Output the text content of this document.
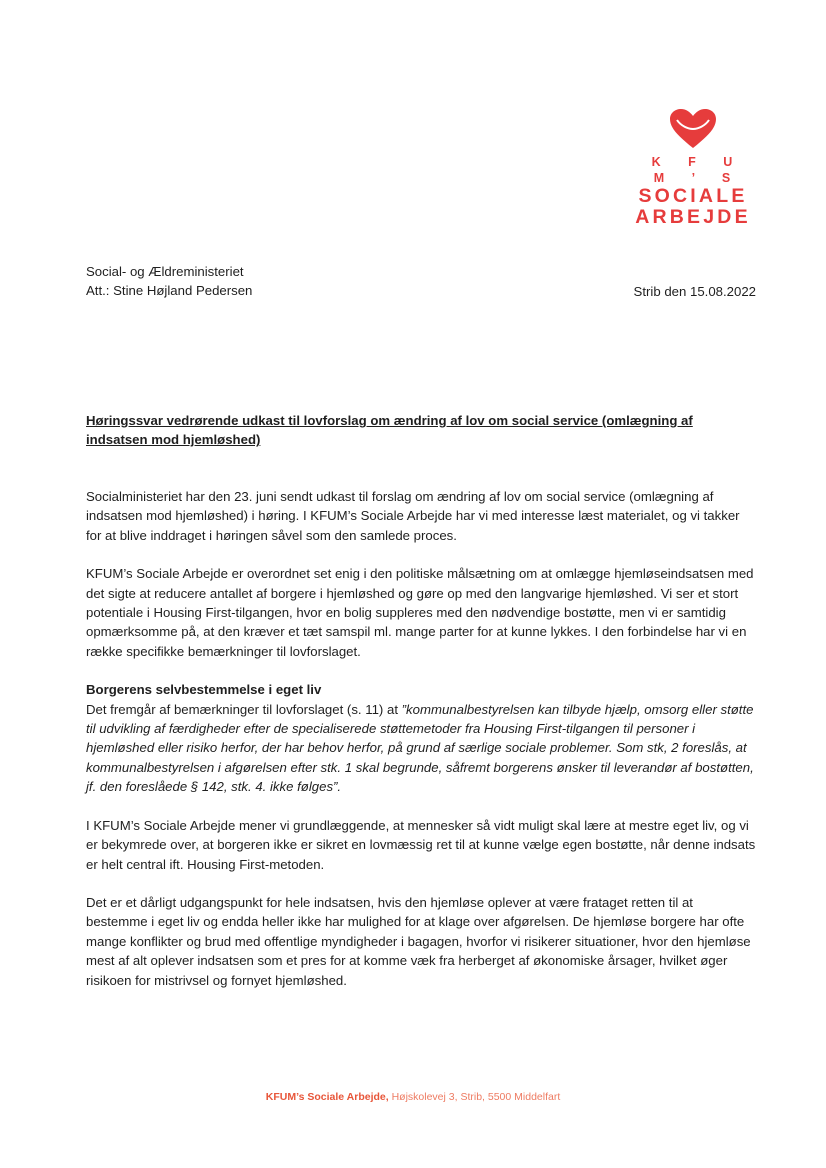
K F U M ’ S
SOCIALE
ARBEJDE
Social- og Ældreministeriet
Att.: Stine Højland Pedersen	Strib den 15.08.2022
Høringssvar vedrørende udkast til lovforslag om ændring af lov om social service (omlægning af indsatsen mod hjemløshed)

Socialministeriet har den 23. juni sendt udkast til forslag om ændring af lov om social service (omlægning af indsatsen mod hjemløshed) i høring. I KFUM’s Sociale Arbejde har vi med interesse læst materialet, og vi takker for at blive inddraget i høringen såvel som den samlede proces.

KFUM’s Sociale Arbejde er overordnet set enig i den politiske målsætning om at omlægge hjemløseindsatsen med det sigte at reducere antallet af borgere i hjemløshed og gøre op med den langvarige hjemløshed. Vi ser et stort potentiale i Housing First-tilgangen, hvor en bolig suppleres med den nødvendige bostøtte, men vi er samtidig opmærksomme på, at den kræver et tæt samspil ml. mange parter for at kunne lykkes. I den forbindelse har vi en række specifikke bemærkninger til lovforslaget.

Borgerens selvbestemmelse i eget liv

Det fremgår af bemærkninger til lovforslaget (s. 11) at ”kommunalbestyrelsen kan tilbyde hjælp, omsorg eller støtte til udvikling af færdigheder efter de specialiserede støttemetoder fra Housing First-tilgangen til personer i hjemløshed eller risiko herfor, der har behov herfor, på grund af særlige sociale problemer. Som stk, 2 foreslås, at kommunalbestyrelsen i afgørelsen efter stk. 1 skal begrunde, såfremt borgerens ønsker til leverandør af bostøtten, jf. den foreslåede § 142, stk. 4. ikke følges”.

I KFUM’s Sociale Arbejde mener vi grundlæggende, at mennesker så vidt muligt skal lære at mestre eget liv, og vi er bekymrede over, at borgeren ikke er sikret en lovmæssig ret til at kunne vælge egen bostøtte, når denne indsats er helt central ift. Housing First-metoden.

Det er et dårligt udgangspunkt for hele indsatsen, hvis den hjemløse oplever at være frataget retten til at bestemme i eget liv og endda heller ikke har mulighed for at klage over afgørelsen. De hjemløse borgere har ofte mange konflikter og brud med offentlige myndigheder i bagagen, hvorfor vi risikerer situationer, hvor den hjemløse mest af alt oplever indsatsen som et pres for at komme væk fra herberget af økonomiske årsager, hvilket øger risikoen for mistrivsel og fornyet hjemløshed.

KFUM’s Sociale Arbejde, Højskolevej 3, Strib, 5500 Middelfart
